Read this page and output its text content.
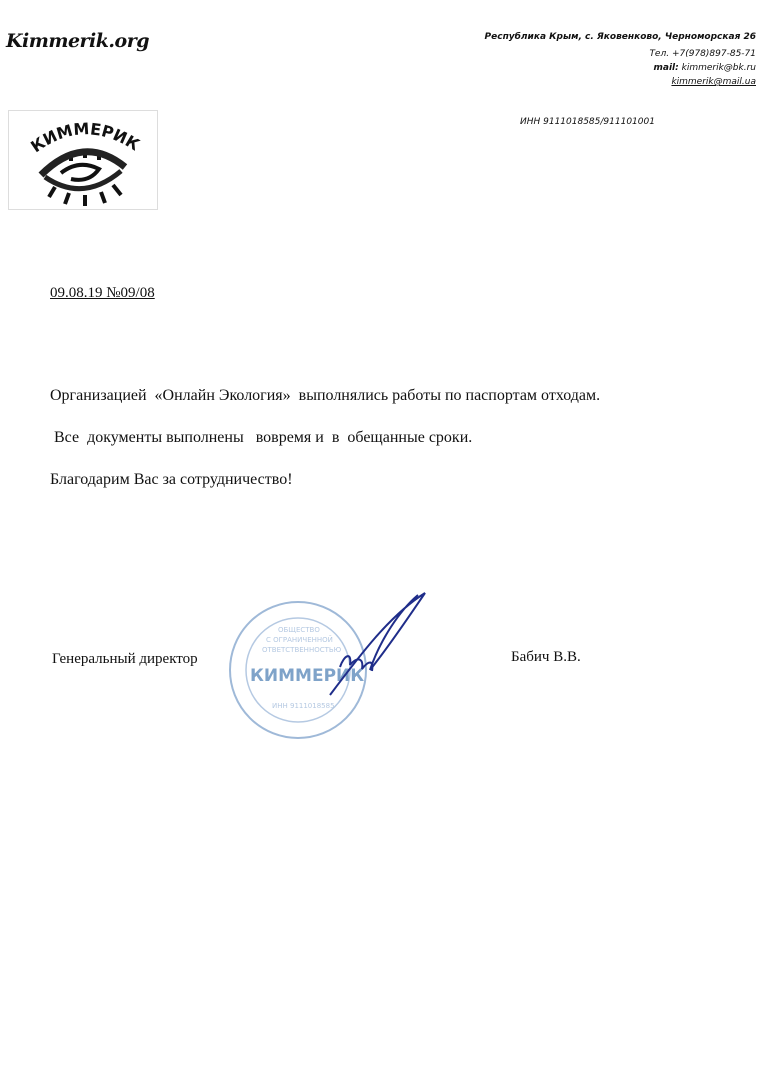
Kimmerik.org	Республика Крым, с. Яковенково, Черноморская 26
Тел. +7(978)897-85-71
mail: kimmerik@bk.ru
kimmerik@mail.ua
ИНН 9111018585/911101001
КИММЕРИК
09.08.19 №09/08

Организацией  «Онлайн Экология»  выполнялись работы по паспортам отходам.

Все  документы выполнены   вовремя и  в  обещанные сроки.

Благодарим Вас за сотрудничество!

Генеральный директор
ОБЩЕСТВО
С ОГРАНИЧЕННОЙ
ОТВЕТСТВЕННОСТЬЮ
ИНН 9111018585
КИММЕРИК
Бабич В.В.
